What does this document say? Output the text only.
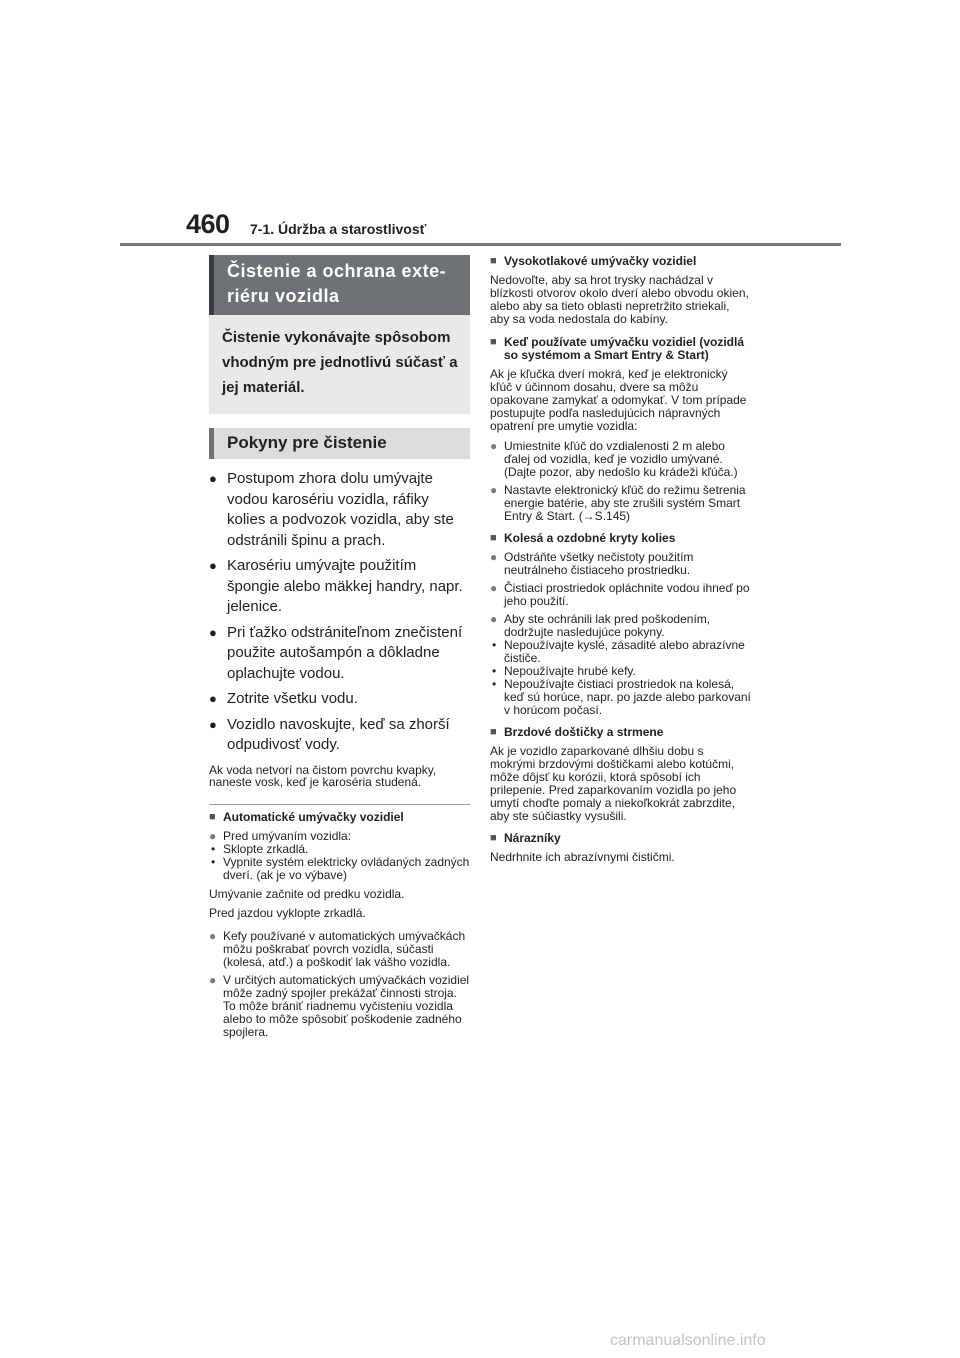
460 7-1. Údržba a starostlivosť
Čistenie a ochrana exteriéru vozidla
Čistenie vykonávajte spôsobom vhodným pre jednotlivú súčasť a jej materiál.
Pokyny pre čistenie
● Postupom zhora dolu umývajte vodou karosériu vozidla, ráfiky kolies a podvozok vozidla, aby ste odstránili špinu a prach.
● Karosériu umývajte použitím špongie alebo mäkkej handry, napr. jelenice.
● Pri ťažko odstrániteľnom znečistení použite autošampón a dôkladne oplachujte vodou.
● Zotrite všetku vodu.
● Vozidlo navoskujte, keď sa zhorší odpudivosť vody.
Ak voda netvorí na čistom povrchu kvapky, naneste vosk, keď je karoséria studená.
■ Automatické umývačky vozidiel
● Pred umývaním vozidla:
• Sklopte zrkadlá.
• Vypnite systém elektricky ovládaných zadných dverí. (ak je vo výbave)
Umývanie začnite od predku vozidla.
Pred jazdou vyklopte zrkadlá.
● Kefy používané v automatických umývačkách môžu poškrabať povrch vozidla, súčasti (kolesá, atď.) a poškodiť lak vášho vozidla.
● V určitých automatických umývačkách vozidiel môže zadný spojler prekážať činnosti stroja. To môže brániť riadnemu vyčisteniu vozidla alebo to môže spôsobiť poškodenie zadného spojlera.
■ Vysokotlakové umývačky vozidiel
Nedovoľte, aby sa hrot trysky nachádzal v blízkosti otvorov okolo dverí alebo obvodu okien, alebo aby sa tieto oblasti nepretržito striekali, aby sa voda nedostala do kabíny.
■ Keď používate umývačku vozidiel (vozidlá so systémom a Smart Entry & Start)
Ak je kľučka dverí mokrá, keď je elektronický kľúč v účinnom dosahu, dvere sa môžu opakovane zamykať a odomykať. V tom prípade postupujte podľa nasledujúcich nápravných opatrení pre umytie vozidla:
● Umiestnite kľúč do vzdialenosti 2 m alebo ďalej od vozidla, keď je vozidlo umývané. (Dajte pozor, aby nedošlo ku krádeži kľúča.)
● Nastavte elektronický kľúč do režimu šetrenia energie batérie, aby ste zrušili systém Smart Entry & Start. (→S.145)
■ Kolesá a ozdobné kryty kolies
● Odstráňte všetky nečistoty použitím neutrálneho čistiaceho prostriedku.
● Čistiaci prostriedok opláchnite vodou ihneď po jeho použití.
● Aby ste ochránili lak pred poškodením, dodržujte nasledujúce pokyny.
• Nepoužívajte kyslé, zásadité alebo abrazívne čističe.
• Nepoužívajte hrubé kefy.
• Nepoužívajte čistiaci prostriedok na kolesá, keď sú horúce, napr. po jazde alebo parkovaní v horúcom počasí.
■ Brzdové doštičky a strmene
Ak je vozidlo zaparkované dlhšiu dobu s mokrými brzdovými doštičkami alebo kotúčmi, môže dôjsť ku korózii, ktorá spôsobí ich prilepenie. Pred zaparkovaním vozidla po jeho umytí choďte pomaly a niekoľkokrát zabrzdite, aby ste súčiastky vysušili.
■ Nárazníky
Nedrhnite ich abrazívnymi čističmi.
carmanualsonline.info
